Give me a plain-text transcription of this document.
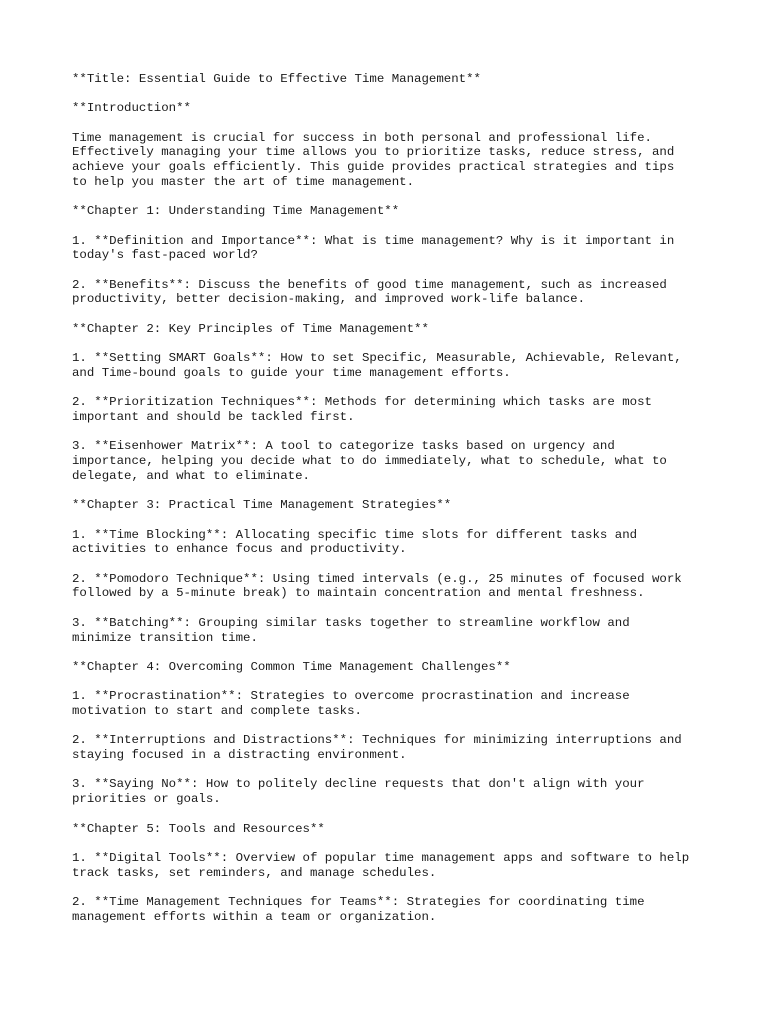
**Title: Essential Guide to Effective Time Management**

**Introduction**

Time management is crucial for success in both personal and professional life.
Effectively managing your time allows you to prioritize tasks, reduce stress, and
achieve your goals efficiently. This guide provides practical strategies and tips
to help you master the art of time management.

**Chapter 1: Understanding Time Management**

1. **Definition and Importance**: What is time management? Why is it important in
today's fast-paced world?

2. **Benefits**: Discuss the benefits of good time management, such as increased
productivity, better decision-making, and improved work-life balance.

**Chapter 2: Key Principles of Time Management**

1. **Setting SMART Goals**: How to set Specific, Measurable, Achievable, Relevant,
and Time-bound goals to guide your time management efforts.

2. **Prioritization Techniques**: Methods for determining which tasks are most
important and should be tackled first.

3. **Eisenhower Matrix**: A tool to categorize tasks based on urgency and
importance, helping you decide what to do immediately, what to schedule, what to
delegate, and what to eliminate.

**Chapter 3: Practical Time Management Strategies**

1. **Time Blocking**: Allocating specific time slots for different tasks and
activities to enhance focus and productivity.

2. **Pomodoro Technique**: Using timed intervals (e.g., 25 minutes of focused work
followed by a 5-minute break) to maintain concentration and mental freshness.

3. **Batching**: Grouping similar tasks together to streamline workflow and
minimize transition time.

**Chapter 4: Overcoming Common Time Management Challenges**

1. **Procrastination**: Strategies to overcome procrastination and increase
motivation to start and complete tasks.

2. **Interruptions and Distractions**: Techniques for minimizing interruptions and
staying focused in a distracting environment.

3. **Saying No**: How to politely decline requests that don't align with your
priorities or goals.

**Chapter 5: Tools and Resources**

1. **Digital Tools**: Overview of popular time management apps and software to help
track tasks, set reminders, and manage schedules.

2. **Time Management Techniques for Teams**: Strategies for coordinating time
management efforts within a team or organization.
